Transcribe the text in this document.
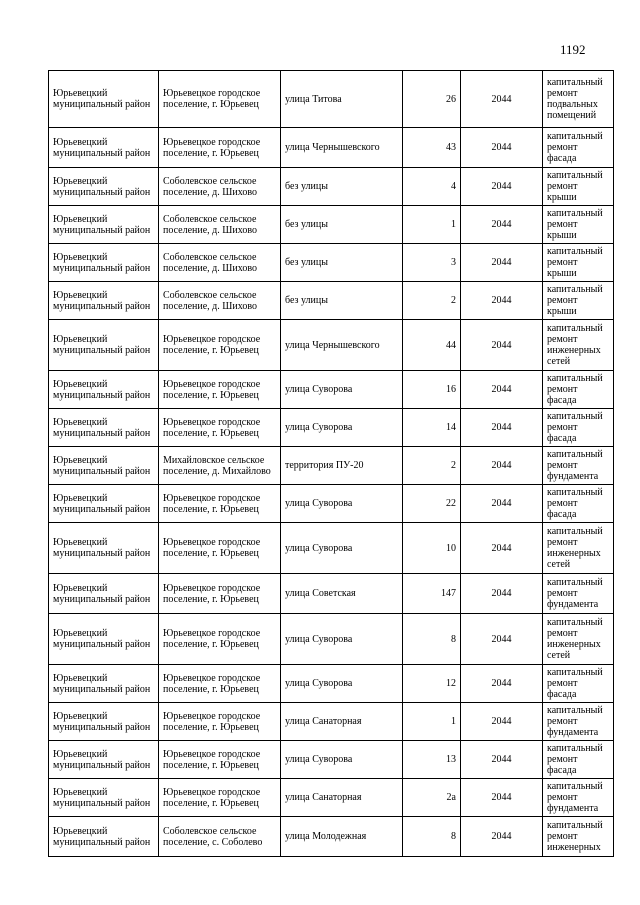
1192
Юрьевецкий муниципальный район	Юрьевецкое городское поселение, г. Юрьевец	улица Титова	26	2044	капитальный ремонт подвальных помещений
Юрьевецкий муниципальный район	Юрьевецкое городское поселение, г. Юрьевец	улица Чернышевского	43	2044	капитальный ремонт фасада
Юрьевецкий муниципальный район	Соболевское сельское поселение, д. Шихово	без улицы	4	2044	капитальный ремонт крыши
Юрьевецкий муниципальный район	Соболевское сельское поселение, д. Шихово	без улицы	1	2044	капитальный ремонт крыши
Юрьевецкий муниципальный район	Соболевское сельское поселение, д. Шихово	без улицы	3	2044	капитальный ремонт крыши
Юрьевецкий муниципальный район	Соболевское сельское поселение, д. Шихово	без улицы	2	2044	капитальный ремонт крыши
Юрьевецкий муниципальный район	Юрьевецкое городское поселение, г. Юрьевец	улица Чернышевского	44	2044	капитальный ремонт инженерных сетей
Юрьевецкий муниципальный район	Юрьевецкое городское поселение, г. Юрьевец	улица Суворова	16	2044	капитальный ремонт фасада
Юрьевецкий муниципальный район	Юрьевецкое городское поселение, г. Юрьевец	улица Суворова	14	2044	капитальный ремонт фасада
Юрьевецкий муниципальный район	Михайловское сельское поселение, д. Михайлово	территория ПУ-20	2	2044	капитальный ремонт фундамента
Юрьевецкий муниципальный район	Юрьевецкое городское поселение, г. Юрьевец	улица Суворова	22	2044	капитальный ремонт фасада
Юрьевецкий муниципальный район	Юрьевецкое городское поселение, г. Юрьевец	улица Суворова	10	2044	капитальный ремонт инженерных сетей
Юрьевецкий муниципальный район	Юрьевецкое городское поселение, г. Юрьевец	улица Советская	147	2044	капитальный ремонт фундамента
Юрьевецкий муниципальный район	Юрьевецкое городское поселение, г. Юрьевец	улица Суворова	8	2044	капитальный ремонт инженерных сетей
Юрьевецкий муниципальный район	Юрьевецкое городское поселение, г. Юрьевец	улица Суворова	12	2044	капитальный ремонт фасада
Юрьевецкий муниципальный район	Юрьевецкое городское поселение, г. Юрьевец	улица Санаторная	1	2044	капитальный ремонт фундамента
Юрьевецкий муниципальный район	Юрьевецкое городское поселение, г. Юрьевец	улица Суворова	13	2044	капитальный ремонт фасада
Юрьевецкий муниципальный район	Юрьевецкое городское поселение, г. Юрьевец	улица Санаторная	2а	2044	капитальный ремонт фундамента
Юрьевецкий муниципальный район	Соболевское сельское поселение, с. Соболево	улица Молодежная	8	2044	капитальный ремонт инженерных
